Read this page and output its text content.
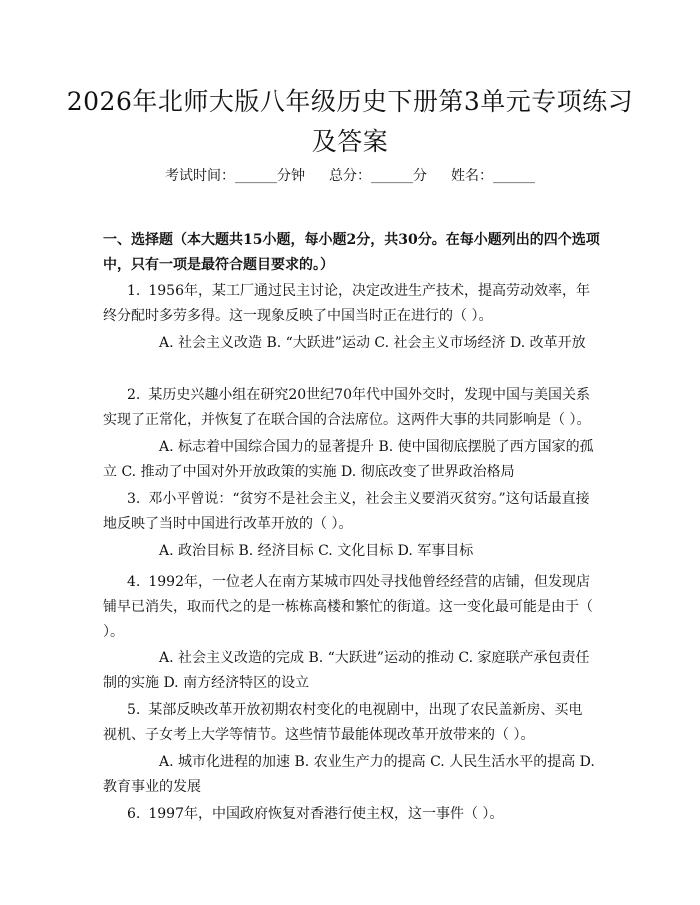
2026年北师大版八年级历史下册第3单元专项练习及答案
考试时间：______分钟 总分：______分 姓名：______
一、选择题（本大题共15小题，每小题2分，共30分。在每小题列出的四个选项中，只有一项是最符合题目要求的。）
1. 1956年，某工厂通过民主讨论，决定改进生产技术，提高劳动效率，年终分配时多劳多得。这一现象反映了中国当时正在进行的（ ）。
A. 社会主义改造 B. “大跃进”运动 C. 社会主义市场经济 D. 改革开放
2. 某历史兴趣小组在研究20世纪70年代中国外交时，发现中国与美国关系实现了正常化，并恢复了在联合国的合法席位。这两件大事的共同影响是（ ）。
A. 标志着中国综合国力的显著提升 B. 使中国彻底摆脱了西方国家的孤立 C. 推动了中国对外开放政策的实施 D. 彻底改变了世界政治格局
3. 邓小平曾说：“贫穷不是社会主义，社会主义要消灭贫穷。”这句话最直接地反映了当时中国进行改革开放的（ ）。
A. 政治目标 B. 经济目标 C. 文化目标 D. 军事目标
4. 1992年，一位老人在南方某城市四处寻找他曾经经营的店铺，但发现店铺早已消失，取而代之的是一栋栋高楼和繁忙的街道。这一变化最可能是由于（ ）。
A. 社会主义改造的完成 B. “大跃进”运动的推动 C. 家庭联产承包责任制的实施 D. 南方经济特区的设立
5. 某部反映改革开放初期农村变化的电视剧中，出现了农民盖新房、买电视机、子女考上大学等情节。这些情节最能体现改革开放带来的（ ）。
A. 城市化进程的加速 B. 农业生产力的提高 C. 人民生活水平的提高 D. 教育事业的发展
6. 1997年，中国政府恢复对香港行使主权，这一事件（ ）。
